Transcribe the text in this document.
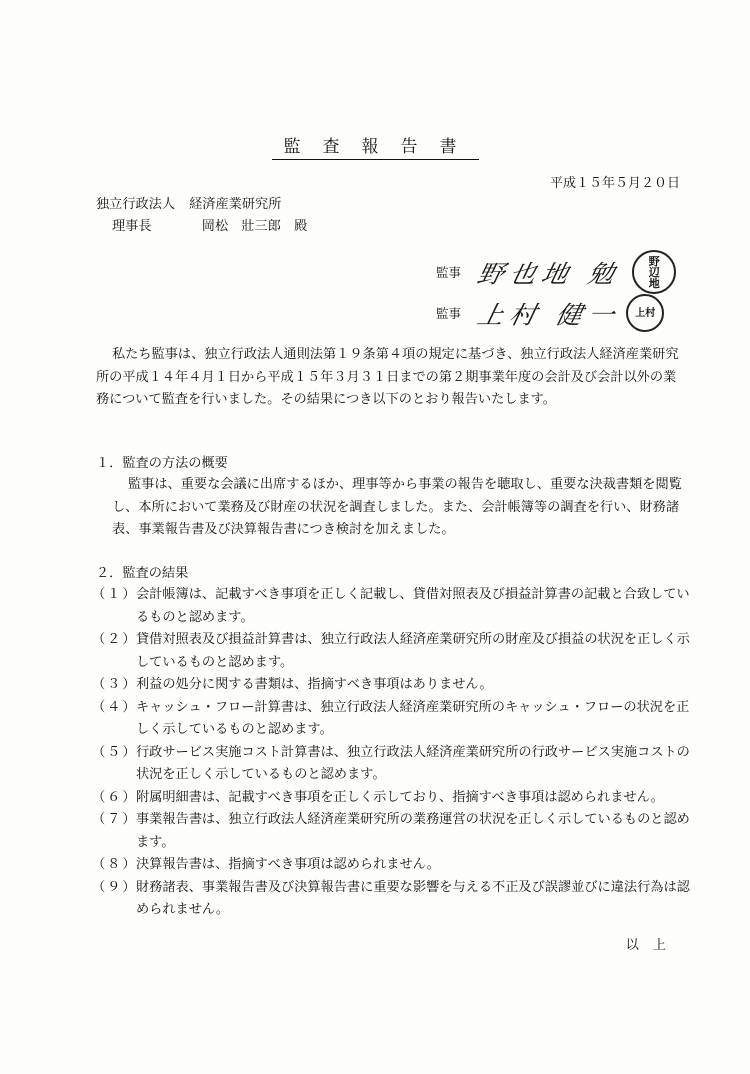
監査報告書
平成１５年５月２０日
独立行政法人 経済産業研究所
理事長	岡松　壯三郎　殿
監事 野也地 勉	野
辺
地
監事 上村 健一	上村
私たち監事は、独立行政法人通則法第１９条第４項の規定に基づき、独立行政法人経済産業研究所の平成１４年４月１日から平成１５年３月３１日までの第２期事業年度の会計及び会計以外の業務について監査を行いました。その結果につき以下のとおり報告いたします。
１．監査の方法の概要
監事は、重要な会議に出席するほか、理事等から事業の報告を聴取し、重要な決裁書類を閲覧し、本所において業務及び財産の状況を調査しました。また、会計帳簿等の調査を行い、財務諸表、事業報告書及び決算報告書につき検討を加えました。
２．監査の結果
（１）
会計帳簿は、記載すべき事項を正しく記載し、貸借対照表及び損益計算書の記載と合致しているものと認めます。
（２）
貸借対照表及び損益計算書は、独立行政法人経済産業研究所の財産及び損益の状況を正しく示しているものと認めます。
（３）
利益の処分に関する書類は、指摘すべき事項はありません。
（４）
キャッシュ・フロー計算書は、独立行政法人経済産業研究所のキャッシュ・フローの状況を正しく示しているものと認めます。
（５）
行政サービス実施コスト計算書は、独立行政法人経済産業研究所の行政サービス実施コストの状況を正しく示しているものと認めます。
（６）
附属明細書は、記載すべき事項を正しく示しており、指摘すべき事項は認められません。
（７）
事業報告書は、独立行政法人経済産業研究所の業務運営の状況を正しく示しているものと認めます。
（８）
決算報告書は、指摘すべき事項は認められません。
（９）
財務諸表、事業報告書及び決算報告書に重要な影響を与える不正及び誤謬並びに違法行為は認められません。
以上
